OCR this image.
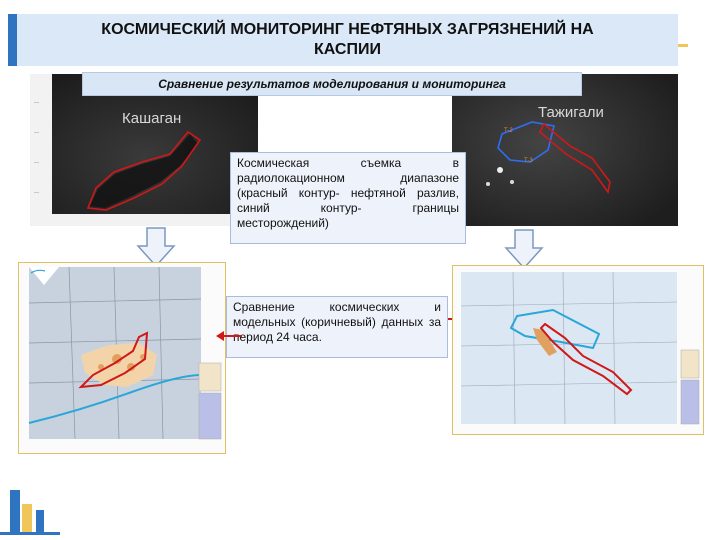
КОСМИЧЕСКИЙ МОНИТОРИНГ НЕФТЯНЫХ ЗАГРЯЗНЕНИЙ НА КАСПИИ
—
—
—
—
Кашаган
T-2
T-3
Тажигали
Сравнение результатов моделирования и мониторинга
Космическая съемка в радиолокационном диапазоне (красный контур- нефтяной разлив, синий контур- границы месторождений)
Сравнение космических и модельных (коричневый) данных за период 24 часа.
